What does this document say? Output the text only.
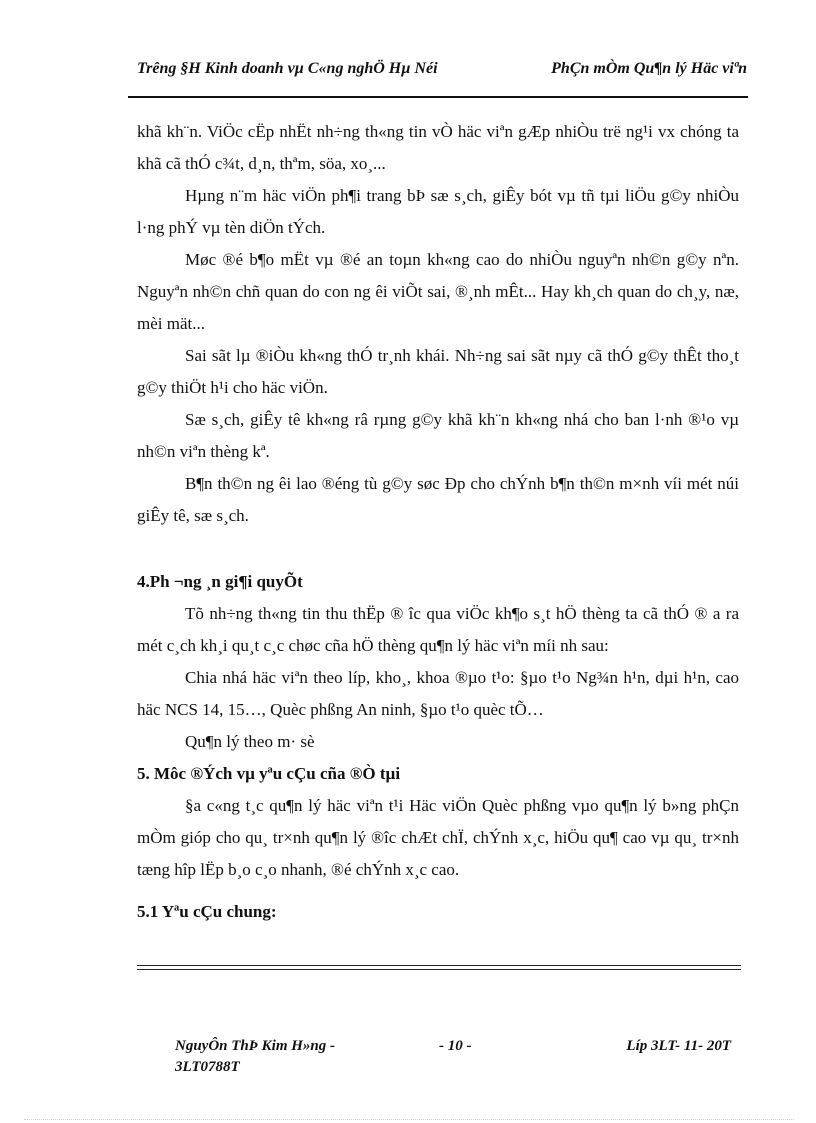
Trêng §H Kinh doanh vµ C«ng nghÖ Hµ Néi	PhÇn mÒm Qu¶n lý Häc viªn

khã kh¨n. ViÖc cËp nhËt nh÷ng th«ng tin vÒ häc viªn gÆp nhiÒu trë ng¹i vx chóng ta khã cã thÓ c¾t, d¸n, thªm, söa, xo¸...

Hµng n¨m häc viÖn ph¶i trang bÞ sæ s¸ch, giÊy bót vµ tñ tµi liÖu g©y nhiÒu l·ng phÝ vµ tèn diÖn tÝch.

Møc ®é b¶o mËt vµ ®é an toµn kh«ng cao do nhiÒu nguyªn nh©n g©y nªn. Nguyªn nh©n chñ quan do con ng êi viÕt sai, ®¸nh mÊt... Hay kh¸ch quan do ch¸y, næ, mèi mät...

Sai sãt lµ ®iÒu kh«ng thÓ tr¸nh khái. Nh÷ng sai sãt nµy cã thÓ g©y thÊt tho¸t g©y thiÖt h¹i cho häc viÖn.

Sæ s¸ch, giÊy tê kh«ng râ rµng g©y khã kh¨n kh«ng nhá cho ban l·nh ®¹o vµ nh©n viªn thèng kª.

B¶n th©n ng êi lao ®éng tù g©y søc Ðp cho chÝnh b¶n th©n m×nh víi mét núi giÊy tê, sæ s¸ch.

4.Ph ¬ng ¸n gi¶i quyÕt

Tõ nh÷ng th«ng tin thu thËp ® îc qua viÖc kh¶o s¸t hÖ thèng ta cã thÓ ® a ra mét c¸ch kh¸i qu¸t c¸c chøc cña hÖ thèng qu¶n lý häc viªn míi nh sau:

Chia nhá häc viªn theo líp, kho¸, khoa ®µo t¹o: §µo t¹o Ng¾n h¹n, dµi h¹n, cao häc NCS 14, 15…, Quèc phßng An ninh, §µo t¹o quèc tÕ…

Qu¶n lý theo m· sè

5. Môc ®Ých vµ yªu cÇu cña ®Ò tµi

§a c«ng t¸c qu¶n lý häc viªn t¹i Häc viÖn Quèc phßng vµo qu¶n lý b»ng phÇn mÒm gióp cho qu¸ tr×nh qu¶n lý ®îc chÆt chÏ, chÝnh x¸c, hiÖu qu¶ cao vµ qu¸ tr×nh tæng hîp lËp b¸o c¸o nhanh, ®é chÝnh x¸c cao.

5.1 Yªu cÇu chung:

NguyÔn ThÞ Kim H»ng - 3LT0788T
- 10 -	Líp 3LT- 11- 20T
